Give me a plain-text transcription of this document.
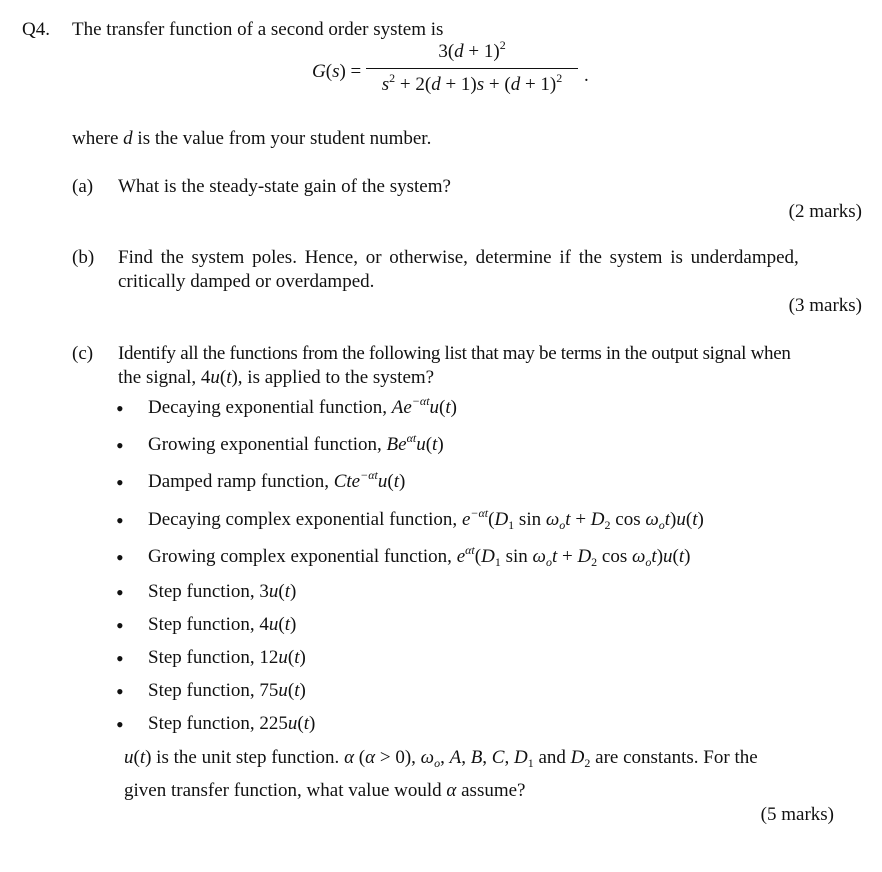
Q4. The transfer function of a second order system is
G(s) =
$3(d + 1)^2$
$s^2 + 2(d + 1)s + (d + 1)^2$	.
where d is the value from your student number.
(a) What is the steady-state gain of the system?
(2 marks)
(b) Find the system poles. Hence, or otherwise, determine if the system is underdamped,
critically damped or overdamped.
(3 marks)
(c) Identify all the functions from the following list that may be terms in the output signal when
the signal, 4u(t), is applied to the system?
• Decaying exponential function, $Ae^{-\alpha t}u(t)$
• Growing exponential function, $Be^{\alpha t}u(t)$
• Damped ramp function, Cte$^{-\alpha t}$u(t)
• Decaying complex exponential function, $e^{-\alpha t}(D_1$ $\sin \omega_ot + D_2$ $\cos \omega_ot)u(t)$
• Growing complex exponential function, $e^{\alpha t}(D_1$ $\sin \omega_ot + D_2$ $\cos \omega_ot)u(t)$
• Step function, 3u(t)
• Step function, 4u(t)
• Step function, 12u(t)
• Step function, 75u(t)
• Step function, 225u(t)
u(t) is the unit step function. α (α > 0), $\omega_o$, A, B, C, $D_1$ and $D_2$ are constants. For the
given transfer function, what value would α assume?
(5 marks)
